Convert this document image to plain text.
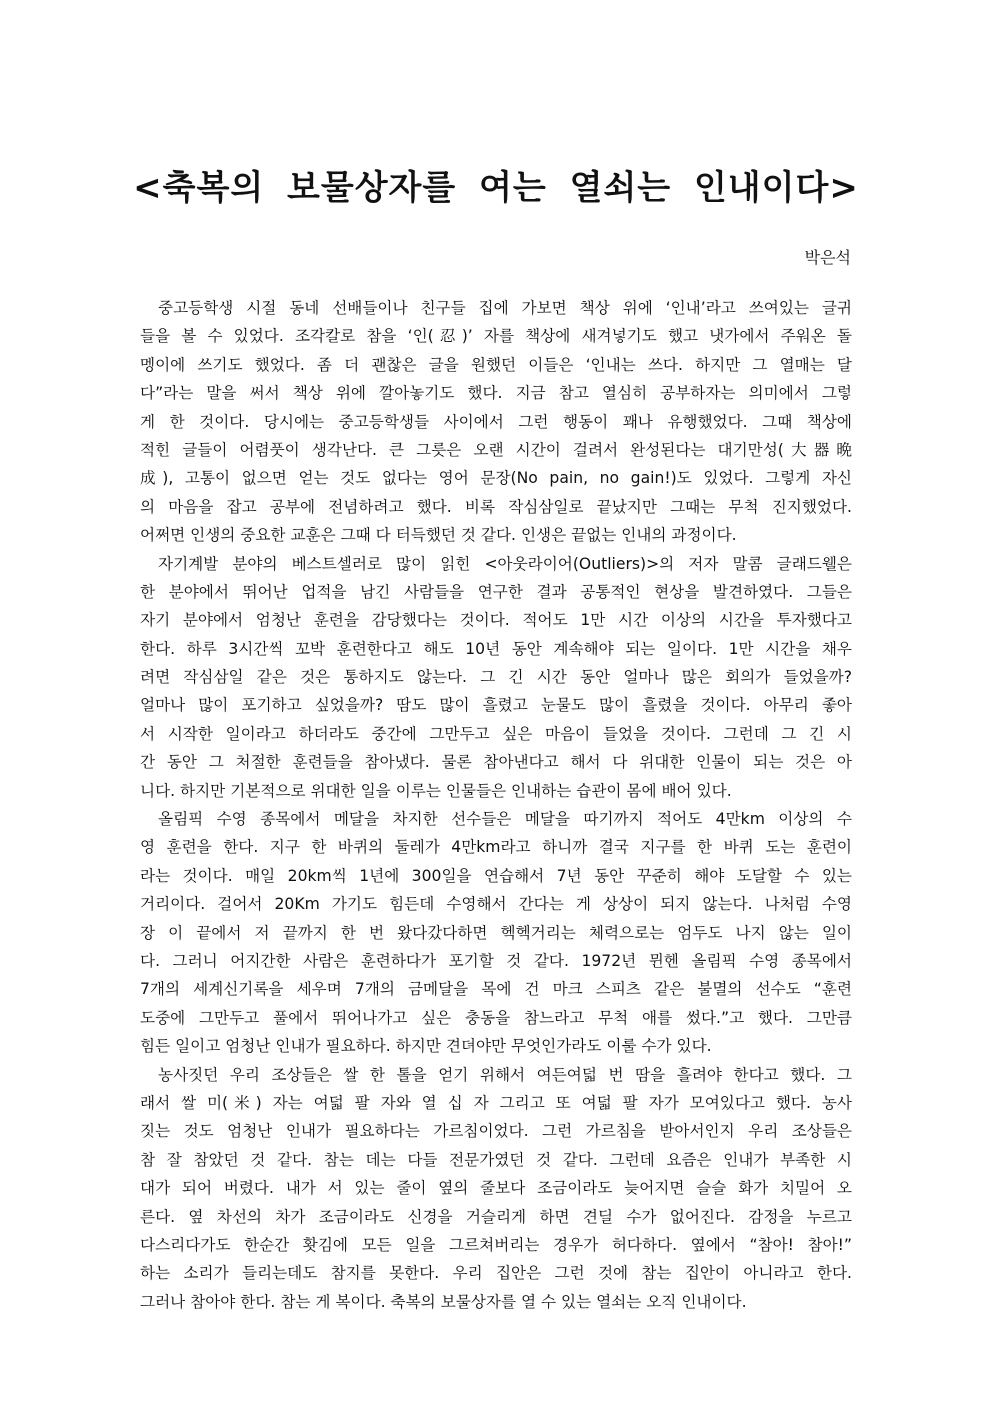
<축복의 보물상자를 여는 열쇠는 인내이다>
박은석
중고등학생 시절 동네 선배들이나 친구들 집에 가보면 책상 위에 ‘인내’라고 쓰여있는 글귀
들을 볼 수 있었다. 조각칼로 참을 ‘인(忍)’ 자를 책상에 새겨넣기도 했고 냇가에서 주워온 돌
멩이에 쓰기도 했었다. 좀 더 괜찮은 글을 원했던 이들은 ‘인내는 쓰다. 하지만 그 열매는 달
다”라는 말을 써서 책상 위에 깔아놓기도 했다. 지금 참고 열심히 공부하자는 의미에서 그렇
게 한 것이다. 당시에는 중고등학생들 사이에서 그런 행동이 꽤나 유행했었다. 그때 책상에
적힌 글들이 어렴풋이 생각난다. 큰 그릇은 오랜 시간이 걸려서 완성된다는 대기만성(大器晩
成), 고통이 없으면 얻는 것도 없다는 영어 문장(No pain, no gain!)도 있었다. 그렇게 자신
의 마음을 잡고 공부에 전념하려고 했다. 비록 작심삼일로 끝났지만 그때는 무척 진지했었다.
어쩌면 인생의 중요한 교훈은 그때 다 터득했던 것 같다. 인생은 끝없는 인내의 과정이다.
자기계발 분야의 베스트셀러로 많이 읽힌 <아웃라이어(Outliers)>의 저자 말콤 글래드웰은
한 분야에서 뛰어난 업적을 남긴 사람들을 연구한 결과 공통적인 현상을 발견하였다. 그들은
자기 분야에서 엄청난 훈련을 감당했다는 것이다. 적어도 1만 시간 이상의 시간을 투자했다고
한다. 하루 3시간씩 꼬박 훈련한다고 해도 10년 동안 계속해야 되는 일이다. 1만 시간을 채우
려면 작심삼일 같은 것은 통하지도 않는다. 그 긴 시간 동안 얼마나 많은 회의가 들었을까?
얼마나 많이 포기하고 싶었을까? 땀도 많이 흘렸고 눈물도 많이 흘렸을 것이다. 아무리 좋아
서 시작한 일이라고 하더라도 중간에 그만두고 싶은 마음이 들었을 것이다. 그런데 그 긴 시
간 동안 그 처절한 훈련들을 참아냈다. 물론 참아낸다고 해서 다 위대한 인물이 되는 것은 아
니다. 하지만 기본적으로 위대한 일을 이루는 인물들은 인내하는 습관이 몸에 배어 있다.
올림픽 수영 종목에서 메달을 차지한 선수들은 메달을 따기까지 적어도 4만km 이상의 수
영 훈련을 한다. 지구 한 바퀴의 둘레가 4만km라고 하니까 결국 지구를 한 바퀴 도는 훈련이
라는 것이다. 매일 20km씩 1년에 300일을 연습해서 7년 동안 꾸준히 해야 도달할 수 있는
거리이다. 걸어서 20Km 가기도 힘든데 수영해서 간다는 게 상상이 되지 않는다. 나처럼 수영
장 이 끝에서 저 끝까지 한 번 왔다갔다하면 헥헥거리는 체력으로는 엄두도 나지 않는 일이
다. 그러니 어지간한 사람은 훈련하다가 포기할 것 같다. 1972년 뮌헨 올림픽 수영 종목에서
7개의 세계신기록을 세우며 7개의 금메달을 목에 건 마크 스피츠 같은 불멸의 선수도 “훈련
도중에 그만두고 풀에서 뛰어나가고 싶은 충동을 참느라고 무척 애를 썼다.”고 했다. 그만큼
힘든 일이고 엄청난 인내가 필요하다. 하지만 견뎌야만 무엇인가라도 이룰 수가 있다.
농사짓던 우리 조상들은 쌀 한 톨을 얻기 위해서 여든여덟 번 땀을 흘려야 한다고 했다. 그
래서 쌀 미(米) 자는 여덟 팔 자와 열 십 자 그리고 또 여덟 팔 자가 모여있다고 했다. 농사
짓는 것도 엄청난 인내가 필요하다는 가르침이었다. 그런 가르침을 받아서인지 우리 조상들은
참 잘 참았던 것 같다. 참는 데는 다들 전문가였던 것 같다. 그런데 요즘은 인내가 부족한 시
대가 되어 버렸다. 내가 서 있는 줄이 옆의 줄보다 조금이라도 늦어지면 슬슬 화가 치밀어 오
른다. 옆 차선의 차가 조금이라도 신경을 거슬리게 하면 견딜 수가 없어진다. 감정을 누르고
다스리다가도 한순간 홧김에 모든 일을 그르쳐버리는 경우가 허다하다. 옆에서 “참아! 참아!”
하는 소리가 들리는데도 참지를 못한다. 우리 집안은 그런 것에 참는 집안이 아니라고 한다.
그러나 참아야 한다. 참는 게 복이다. 축복의 보물상자를 열 수 있는 열쇠는 오직 인내이다.
